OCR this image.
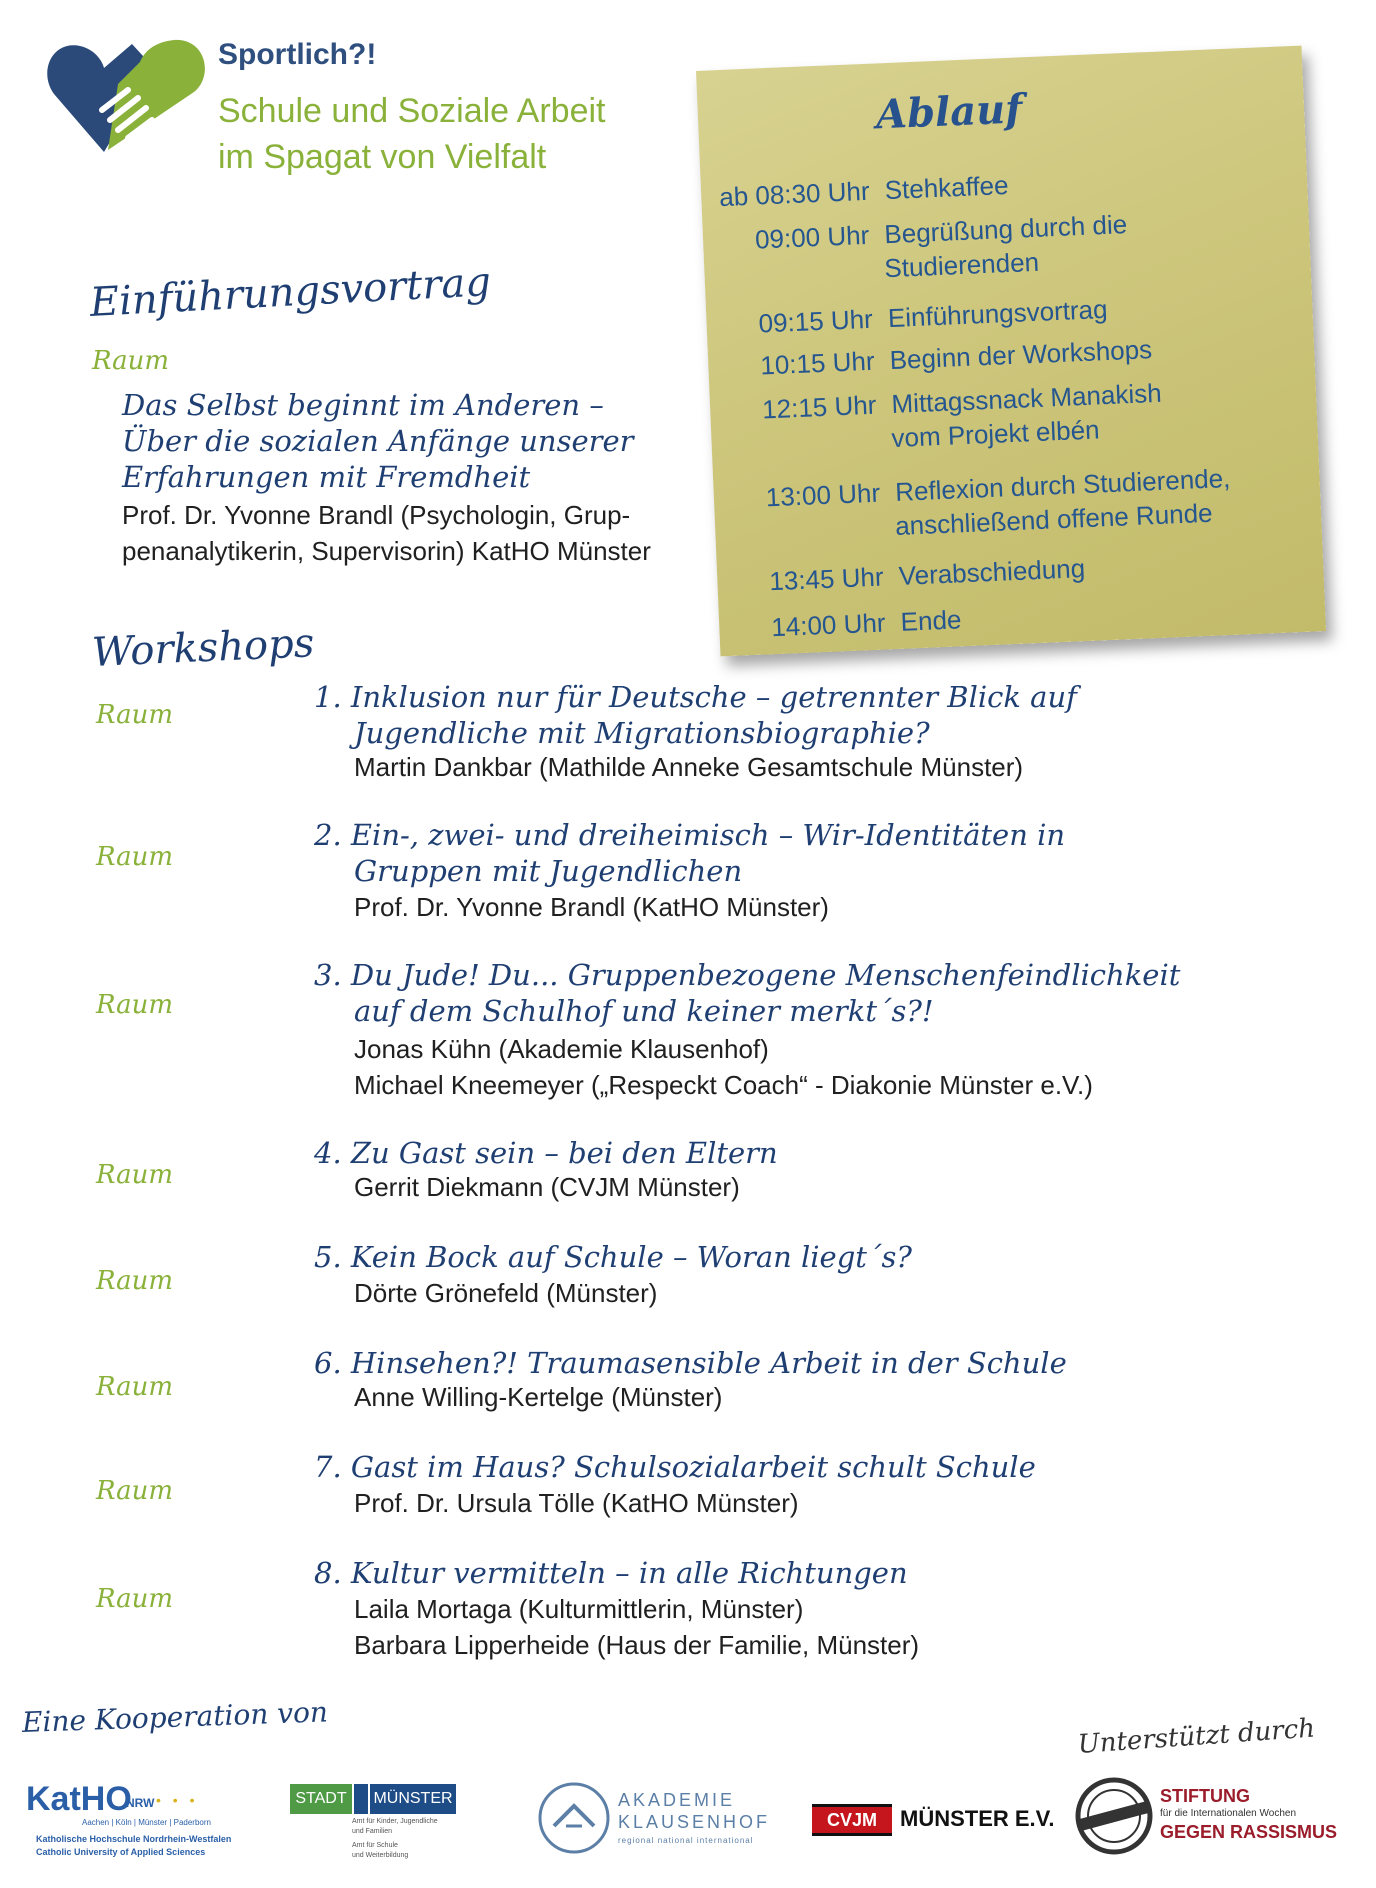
Sportlich?!
Schule und Soziale Arbeit
im Spagat von Vielfalt
Ablauf
ab 08:30 Uhr Stehkaffee
09:00 Uhr Begrüßung durch die
Studierenden
09:15 Uhr Einführungsvortrag
10:15 Uhr Beginn der Workshops
12:15 Uhr Mittagssnack Manakish
vom Projekt elbén
13:00 Uhr Reflexion durch Studierende,
anschließend offene Runde
13:45 Uhr Verabschiedung
14:00 Uhr Ende
Einführungsvortrag
Raum
Das Selbst beginnt im Anderen –
Über die sozialen Anfänge unserer
Erfahrungen mit Fremdheit
Prof. Dr. Yvonne Brandl (Psychologin, Grup-
penanalytikerin, Supervisorin) KatHO Münster
Workshops
Raum
1. Inklusion nur für Deutsche – getrennter Blick auf
Jugendliche mit Migrationsbiographie?
Martin Dankbar (Mathilde Anneke Gesamtschule Münster)
Raum
2. Ein-, zwei- und dreiheimisch – Wir-Identitäten in
Gruppen mit Jugendlichen
Prof. Dr. Yvonne Brandl (KatHO Münster)
Raum
3. Du Jude! Du... Gruppenbezogene Menschenfeindlichkeit
auf dem Schulhof und keiner merkt´s?!
Jonas Kühn (Akademie Klausenhof)
Michael Kneemeyer („Respeckt Coach“ - Diakonie Münster e.V.)
Raum
4. Zu Gast sein – bei den Eltern
Gerrit Diekmann (CVJM Münster)
Raum
5. Kein Bock auf Schule – Woran liegt´s?
Dörte Grönefeld (Münster)
Raum
6. Hinsehen?! Traumasensible Arbeit in der Schule
Anne Willing-Kertelge (Münster)
Raum
7. Gast im Haus? Schulsozialarbeit schult Schule
Prof. Dr. Ursula Tölle (KatHO Münster)
Raum
8. Kultur vermitteln – in alle Richtungen
Laila Mortaga (Kulturmittlerin, Münster)
Barbara Lipperheide (Haus der Familie, Münster)
Eine Kooperation von	Unterstützt durch
KatHO
NRW • • •
Aachen | Köln | Münster | Paderborn
Katholische Hochschule Nordrhein-Westfalen
Catholic University of Applied Sciences
STADT	MÜNSTER
Amt für Kinder, Jugendliche
und Familien
Amt für Schule
und Weiterbildung
AKADEMIE
KLAUSENHOF
regional national international
CVJM	MÜNSTER E.V.
STIFTUNG
für die Internationalen Wochen
GEGEN RASSISMUS
